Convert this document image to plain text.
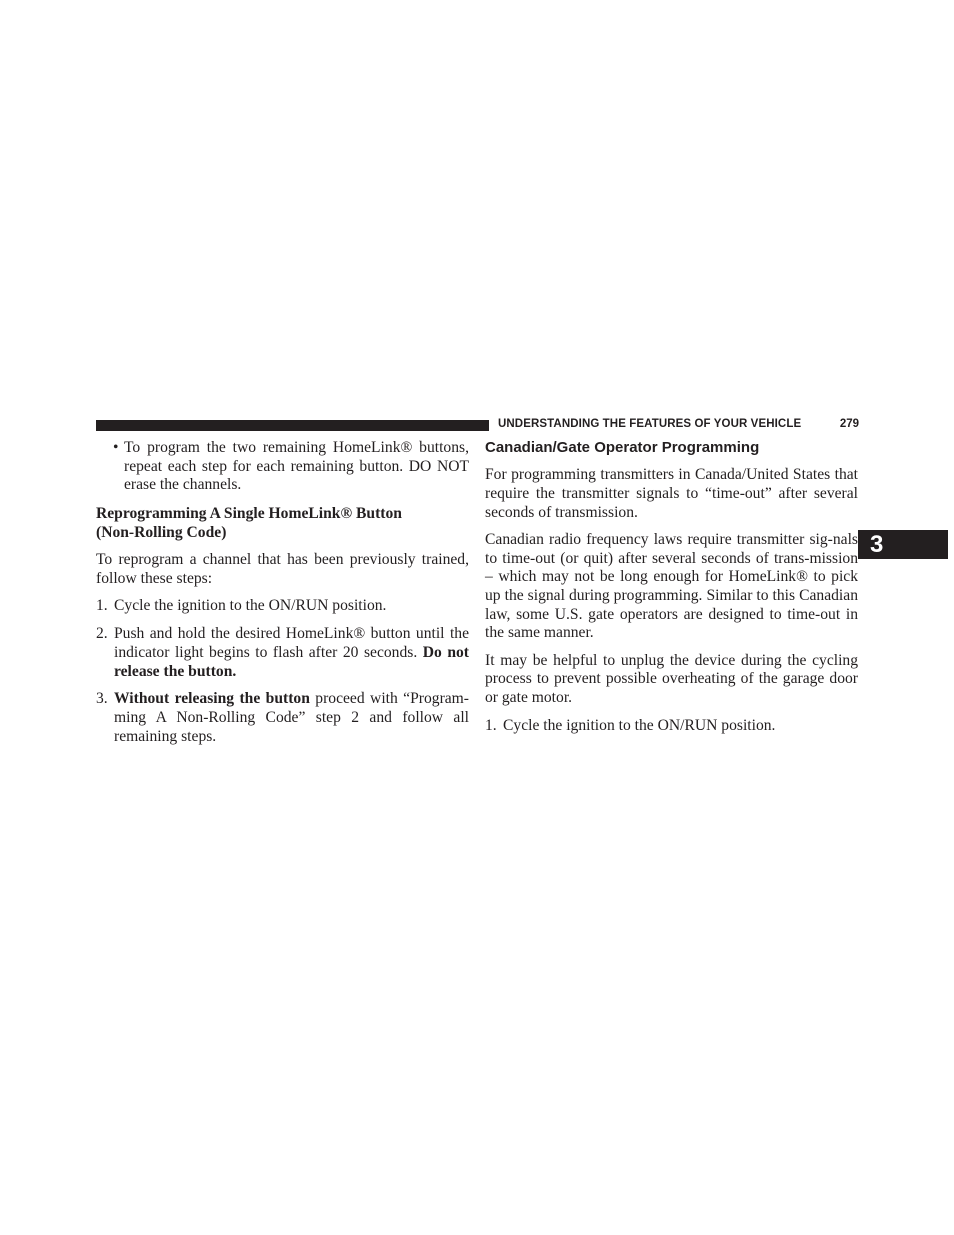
UNDERSTANDING THE FEATURES OF YOUR VEHICLE	279
3
• To program the two remaining HomeLink® buttons, repeat each step for each remaining button. DO NOT erase the channels.

Reprogramming A Single HomeLink® Button
(Non-Rolling Code)

To reprogram a channel that has been previously trained, follow these steps:

1. Cycle the ignition to the ON/RUN position.

2. Push and hold the desired HomeLink® button until the indicator light begins to flash after 20 seconds. Do not release the button.

3. Without releasing the button proceed with “Program-ming A Non-Rolling Code” step 2 and follow all remaining steps.

Canadian/Gate Operator Programming

For programming transmitters in Canada/United States that require the transmitter signals to “time-out” after several seconds of transmission.

Canadian radio frequency laws require transmitter sig-nals to time-out (or quit) after several seconds of trans-mission – which may not be long enough for HomeLink® to pick up the signal during programming. Similar to this Canadian law, some U.S. gate operators are designed to time-out in the same manner.

It may be helpful to unplug the device during the cycling process to prevent possible overheating of the garage door or gate motor.

1. Cycle the ignition to the ON/RUN position.
